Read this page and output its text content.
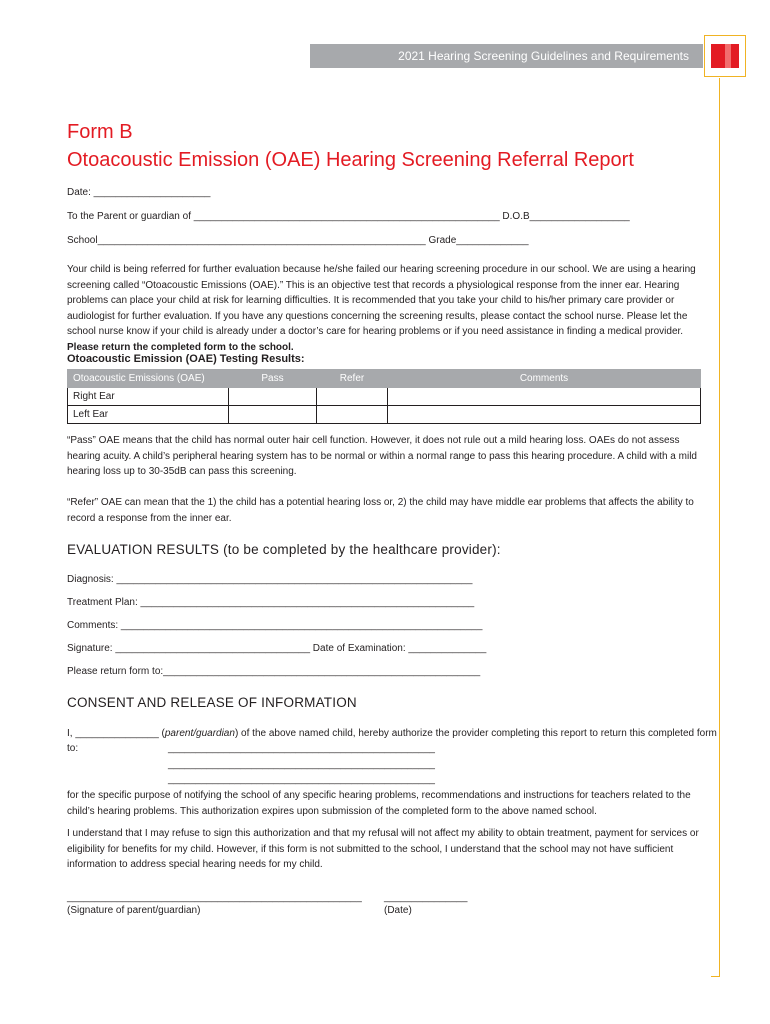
2021 Hearing Screening Guidelines and Requirements
Form B
Otoacoustic Emission (OAE) Hearing Screening Referral Report
Date: _____________________
To the Parent or guardian of _______________________________________________________ D.O.B__________________
School___________________________________________________________ Grade_____________
Your child is being referred for further evaluation because he/she failed our hearing screening procedure in our school. We are using a hearing screening called “Otoacoustic Emissions (OAE).” This is an objective test that records a physiological response from the inner ear. Hearing problems can place your child at risk for learning difficulties. It is recommended that you take your child to his/her primary care provider or audiologist for further evaluation. If you have any questions concerning the screening results, please contact the school nurse. Please let the school nurse know if your child is already under a doctor’s care for hearing problems or if you need assistance in finding a medical provider. Please return the completed form to the school.
Otoacoustic Emission (OAE) Testing Results:
Otoacoustic Emissions (OAE)	Pass	Refer	Comments
Right Ear			
Left Ear			
“Pass” OAE means that the child has normal outer hair cell function. However, it does not rule out a mild hearing loss. OAEs do not assess hearing acuity. A child’s peripheral hearing system has to be normal or within a normal range to pass this hearing procedure. A child with a mild hearing loss up to 30-35dB can pass this screening.
“Refer” OAE can mean that the 1) the child has a potential hearing loss or, 2) the child may have middle ear problems that affects the ability to record a response from the inner ear.
EVALUATION RESULTS (to be completed by the healthcare provider):
Diagnosis: ________________________________________________________________
Treatment Plan: ____________________________________________________________
Comments: _________________________________________________________________
Signature: ___________________________________ Date of Examination: ______________
Please return form to:_________________________________________________________
CONSENT AND RELEASE OF INFORMATION
I, _______________ (parent/guardian) of the above named child, hereby authorize the provider completing this report to return this completed form
to:	________________________________________________
________________________________________________
________________________________________________
for the specific purpose of notifying the school of any specific hearing problems, recommendations and instructions for teachers related to the child’s hearing problems. This authorization expires upon submission of the completed form to the above named school.
I understand that I may refuse to sign this authorization and that my refusal will not affect my ability to obtain treatment, payment for services or eligibility for benefits for my child. However, if this form is not submitted to the school, I understand that the school may not have sufficient information to address special hearing needs for my child.
_____________________________________________________
(Signature of parent/guardian)
_______________
(Date)
